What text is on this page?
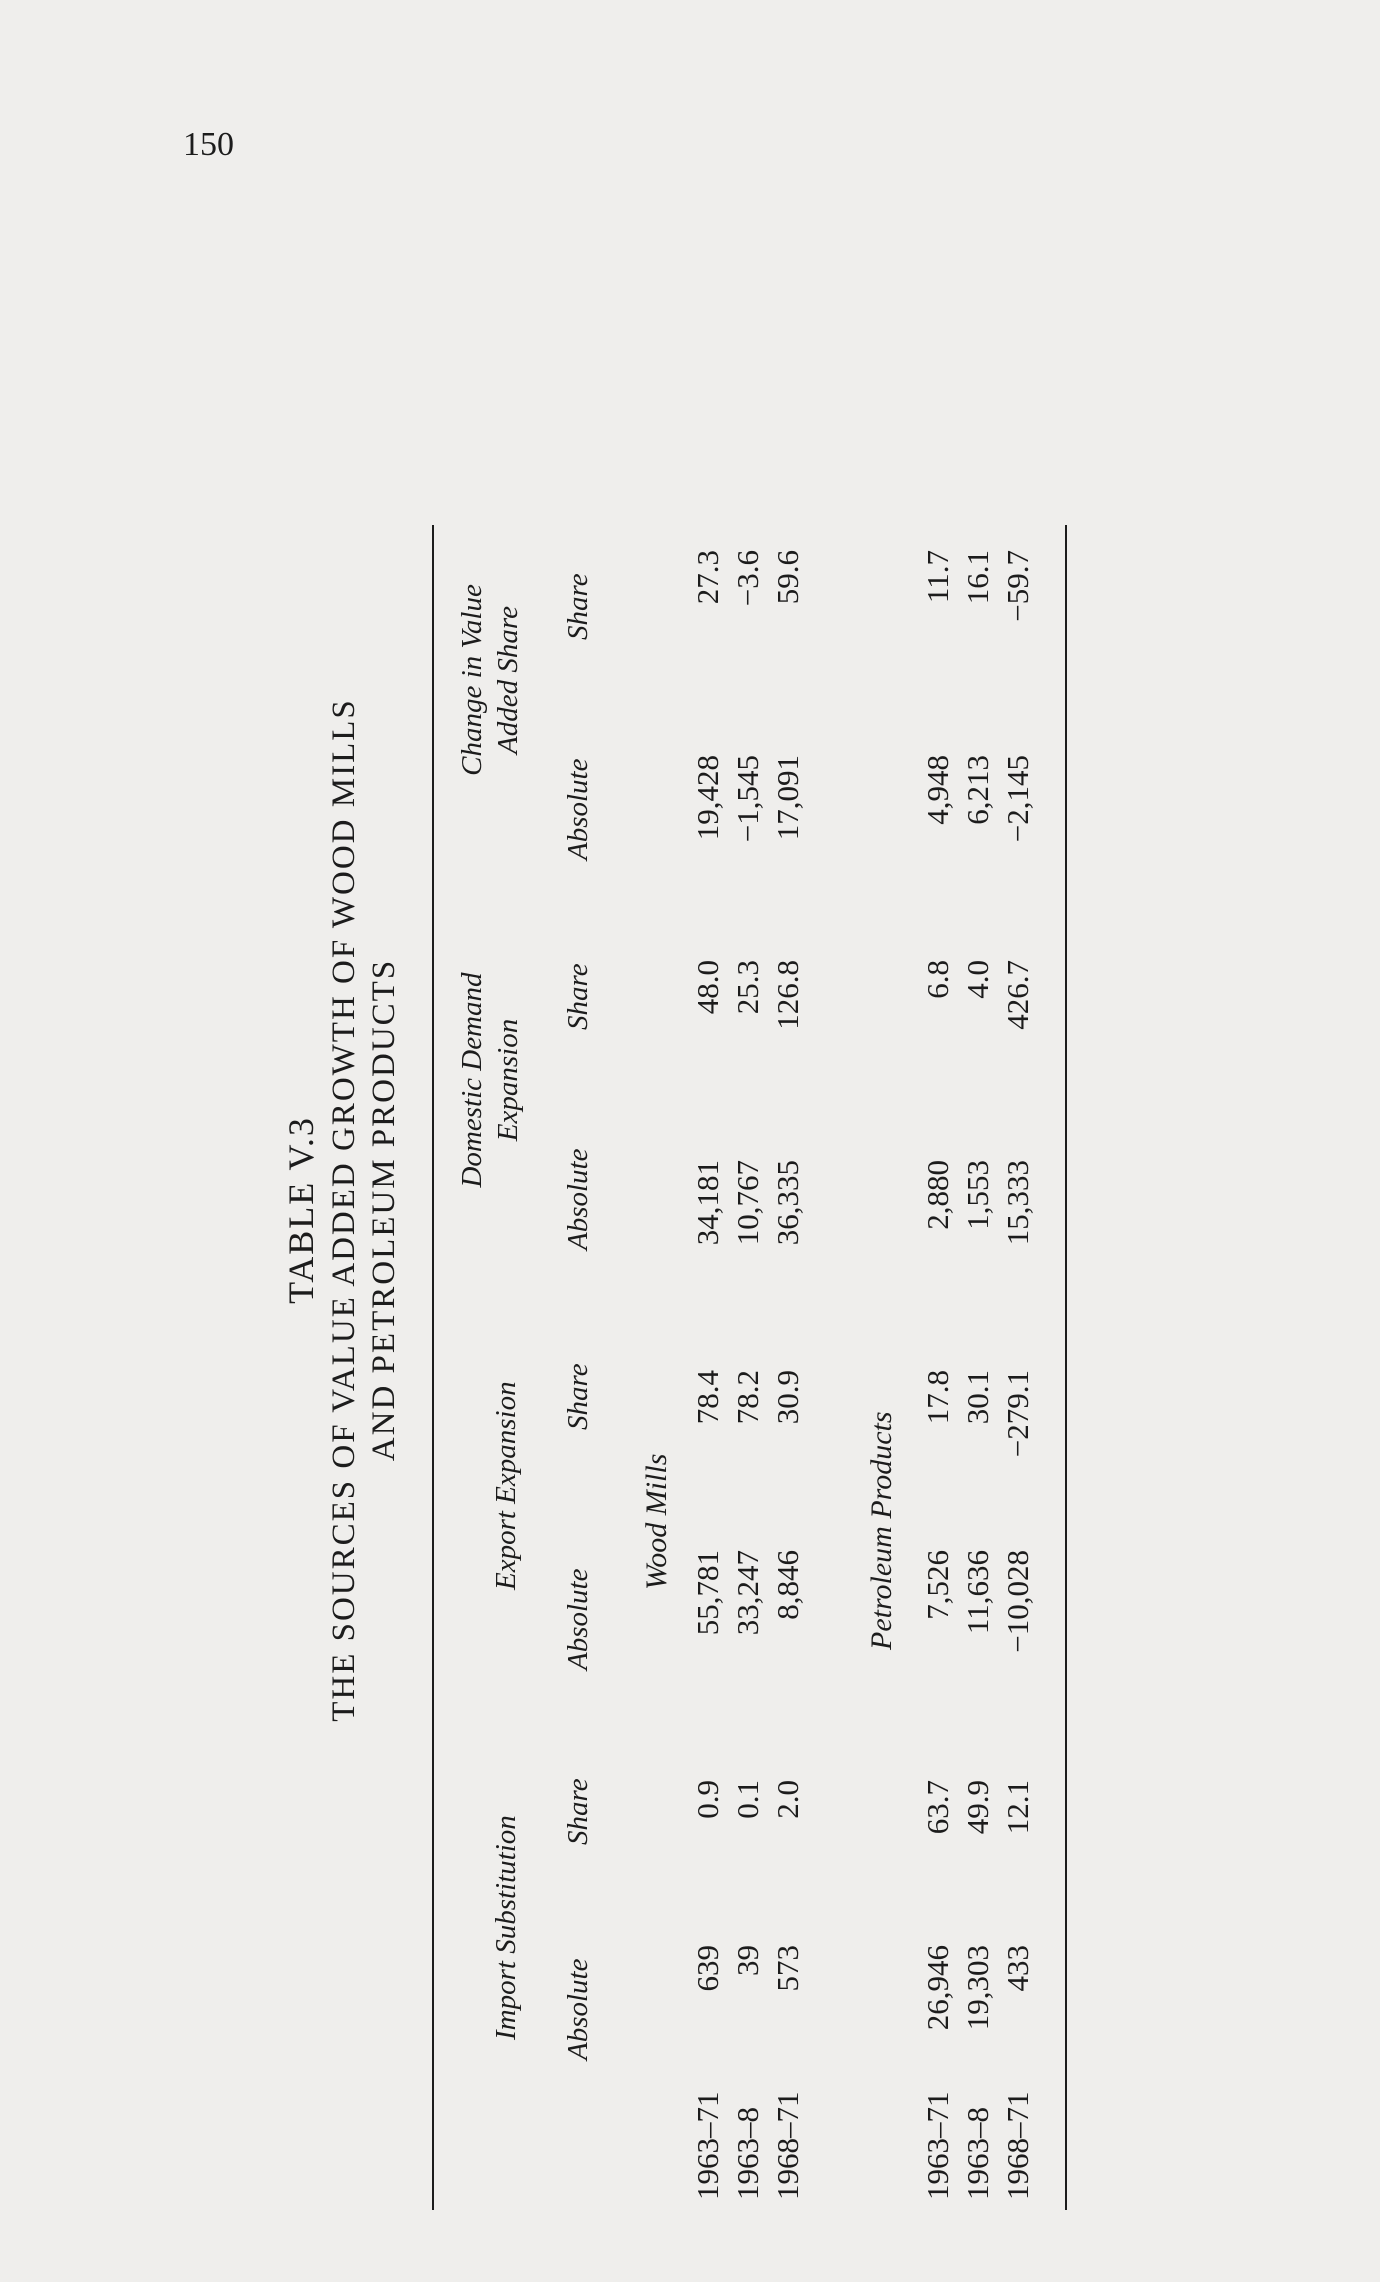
150
TABLE V.3 THE SOURCES OF VALUE ADDED GROWTH OF WOOD MILLS AND PETROLEUM PRODUCTS
Import Substitution
Export Expansion
Domestic Demand Expansion
Change in Value Added Share
Absolute
Share
Absolute
Share
Absolute
Share
Absolute
Share
Wood Mills
1963–71
639
0.9
55,781
78.4
34,181
48.0
19,428
27.3
1963–8
39
0.1
33,247
78.2
10,767
25.3
−1,545
−3.6
1968–71
573
2.0
8,846
30.9
36,335
126.8
17,091
59.6
Petroleum Products
1963–71
26,946
63.7
7,526
17.8
2,880
6.8
4,948
11.7
1963–8
19,303
49.9
11,636
30.1
1,553
4.0
6,213
16.1
1968–71
433
12.1
−10,028
−279.1
15,333
426.7
−2,145
−59.7
